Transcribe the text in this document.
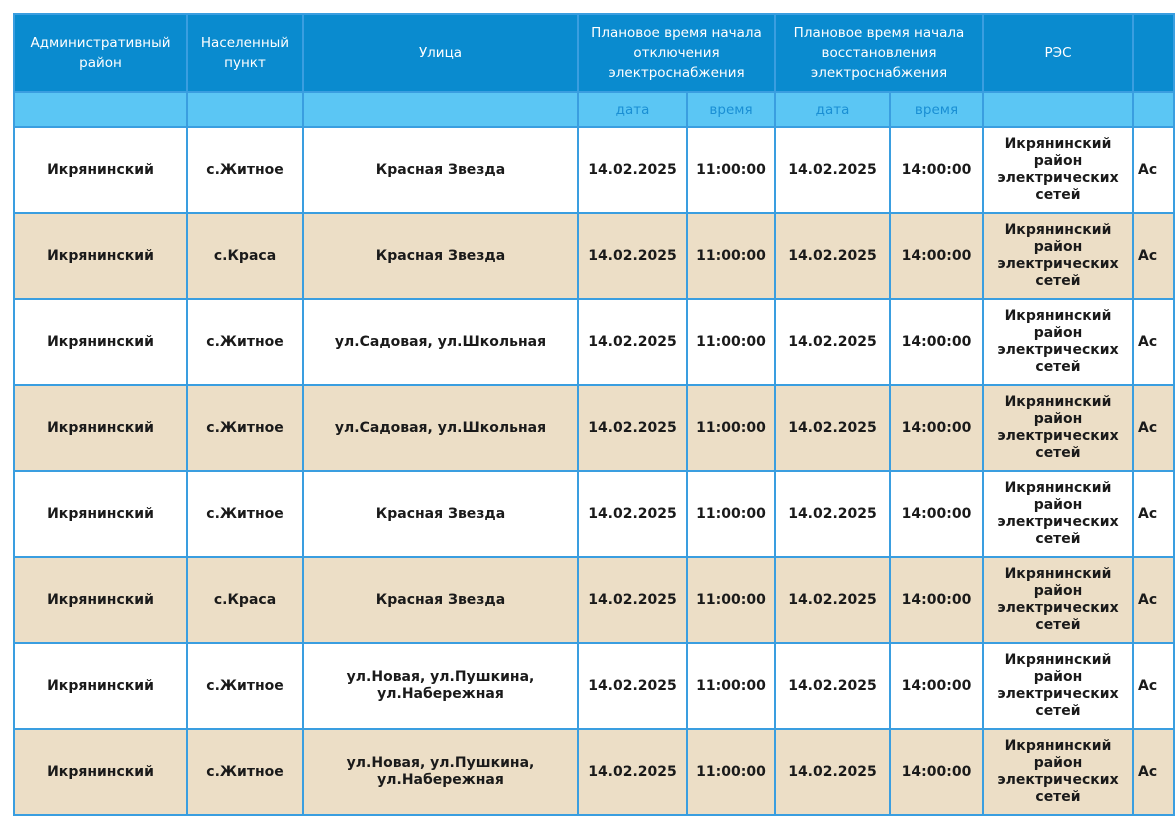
Административный район	Населенный пункт	Улица	Плановое время начала отключения электроснабжения		Плановое время начала восстановления электроснабжения		РЭС	
			дата	время	дата	время		
Икрянинский	с.Житное	Красная Звезда	14.02.2025	11:00:00	14.02.2025	14:00:00	Икрянинский район электрических сетей	Ас
Икрянинский	с.Краса	Красная Звезда	14.02.2025	11:00:00	14.02.2025	14:00:00	Икрянинский район электрических сетей	Ас
Икрянинский	с.Житное	ул.Садовая, ул.Школьная	14.02.2025	11:00:00	14.02.2025	14:00:00	Икрянинский район электрических сетей	Ас
Икрянинский	с.Житное	ул.Садовая, ул.Школьная	14.02.2025	11:00:00	14.02.2025	14:00:00	Икрянинский район электрических сетей	Ас
Икрянинский	с.Житное	Красная Звезда	14.02.2025	11:00:00	14.02.2025	14:00:00	Икрянинский район электрических сетей	Ас
Икрянинский	с.Краса	Красная Звезда	14.02.2025	11:00:00	14.02.2025	14:00:00	Икрянинский район электрических сетей	Ас
Икрянинский	с.Житное	ул.Новая, ул.Пушкина, ул.Набережная	14.02.2025	11:00:00	14.02.2025	14:00:00	Икрянинский район электрических сетей	Ас
Икрянинский	с.Житное	ул.Новая, ул.Пушкина, ул.Набережная	14.02.2025	11:00:00	14.02.2025	14:00:00	Икрянинский район электрических сетей	Ас
